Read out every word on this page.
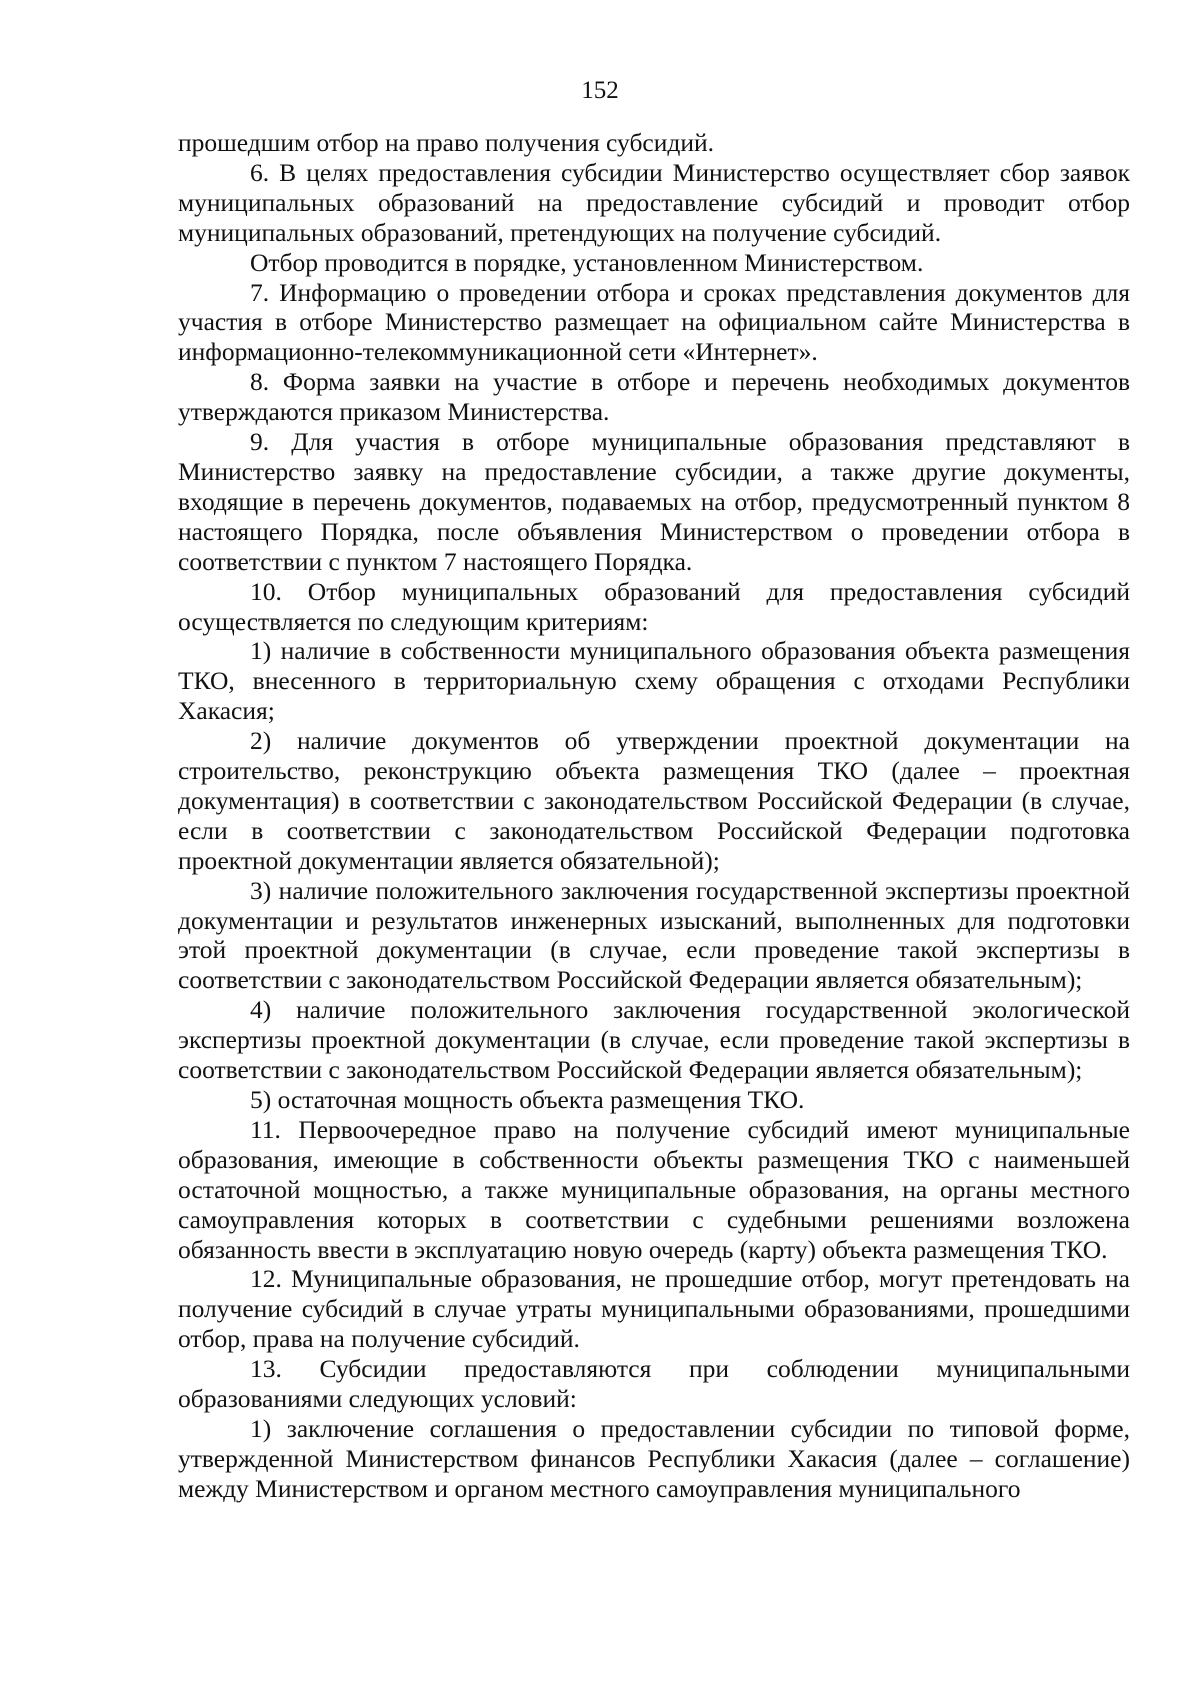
152

прошедшим отбор на право получения субсидий.

6. В целях предоставления субсидии Министерство осуществляет сбор заявок муниципальных образований на предоставление субсидий и проводит отбор муниципальных образований, претендующих на получение субсидий.

Отбор проводится в порядке, установленном Министерством.

7. Информацию о проведении отбора и сроках представления документов для участия в отборе Министерство размещает на официальном сайте Министерства в информационно-телекоммуникационной сети «Интернет».

8. Форма заявки на участие в отборе и перечень необходимых документов утверждаются приказом Министерства.

9. Для участия в отборе муниципальные образования представляют в Министерство заявку на предоставление субсидии, а также другие документы, входящие в перечень документов, подаваемых на отбор, предусмотренный пунктом 8 настоящего Порядка, после объявления Министерством о проведении отбора в соответствии с пунктом 7 настоящего Порядка.

10. Отбор муниципальных образований для предоставления субсидий осуществляется по следующим критериям:

1) наличие в собственности муниципального образования объекта размещения ТКО, внесенного в территориальную схему обращения с отходами Республики Хакасия;

2) наличие документов об утверждении проектной документации на строительство, реконструкцию объекта размещения ТКО (далее – проектная документация) в соответствии с законодательством Российской Федерации (в случае, если в соответствии с законодательством Российской Федерации подготовка проектной документации является обязательной);

3) наличие положительного заключения государственной экспертизы проектной документации и результатов инженерных изысканий, выполненных для подготовки этой проектной документации (в случае, если проведение такой экспертизы в соответствии с законодательством Российской Федерации является обязательным);

4) наличие положительного заключения государственной экологической экспертизы проектной документации (в случае, если проведение такой экспертизы в соответствии с законодательством Российской Федерации является обязательным);

5) остаточная мощность объекта размещения ТКО.

11. Первоочередное право на получение субсидий имеют муниципальные образования, имеющие в собственности объекты размещения ТКО с наименьшей остаточной мощностью, а также муниципальные образования, на органы местного самоуправления которых в соответствии с судебными решениями возложена обязанность ввести в эксплуатацию новую очередь (карту) объекта размещения ТКО.

12. Муниципальные образования, не прошедшие отбор, могут претендовать на получение субсидий в случае утраты муниципальными образованиями, прошедшими отбор, права на получение субсидий.

13. Субсидии предоставляются при соблюдении муниципальными образованиями следующих условий:

1) заключение соглашения о предоставлении субсидии по типовой форме, утвержденной Министерством финансов Республики Хакасия (далее – соглашение) между Министерством и органом местного самоуправления муниципального
